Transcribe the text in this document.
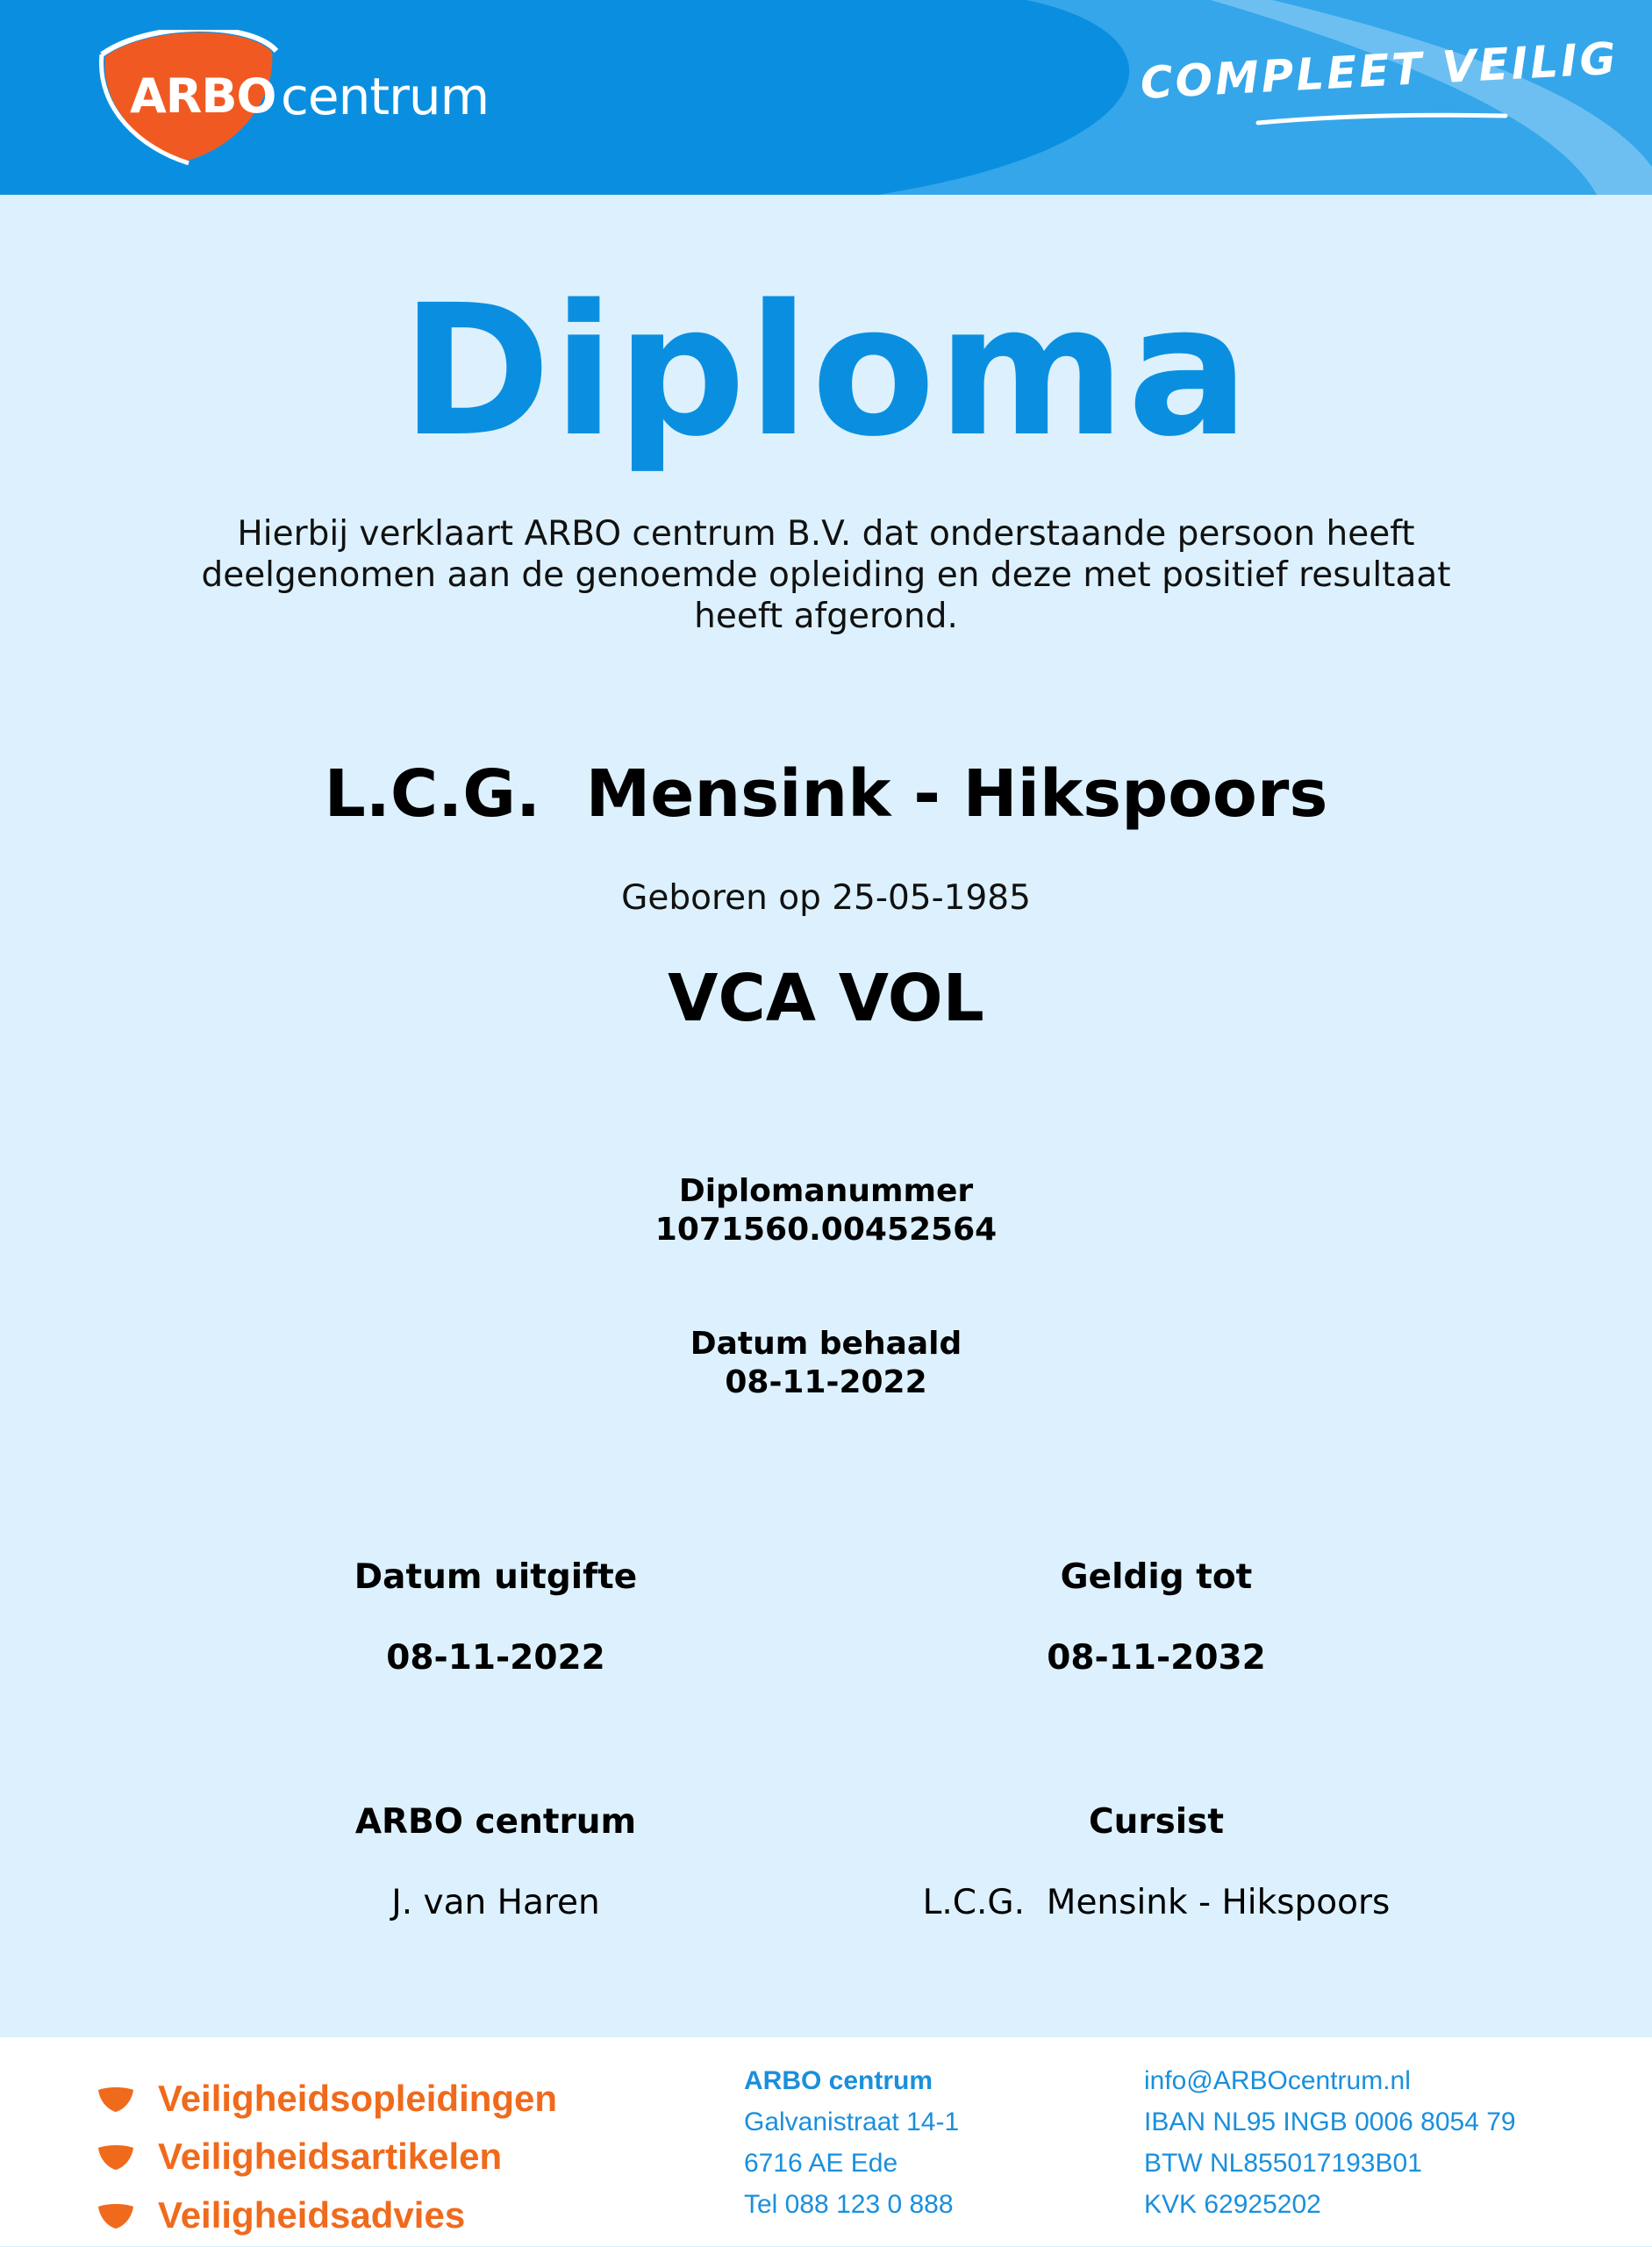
ARBO centrum	COMPLEET VEILIG
Diploma
Hierbij verklaart ARBO centrum B.V. dat onderstaande persoon heeft deelgenomen aan de genoemde opleiding en deze met positief resultaat heeft afgerond.
L.C.G.  Mensink - Hikspoors
Geboren op 25-05-1985
VCA VOL
Diplomanummer
1071560.00452564
Datum behaald
08-11-2022
Datum uitgifte
08-11-2022
Geldig tot
08-11-2032
ARBO centrum
J. van Haren
Cursist
L.C.G.  Mensink - Hikspoors
Veiligheidsopleidingen
Veiligheidsartikelen
Veiligheidsadvies
ARBO centrum
Galvanistraat 14-1
6716 AE Ede
Tel 088 123 0 888
info@ARBOcentrum.nl
IBAN NL95 INGB 0006 8054 79
BTW NL855017193B01
KVK 62925202
